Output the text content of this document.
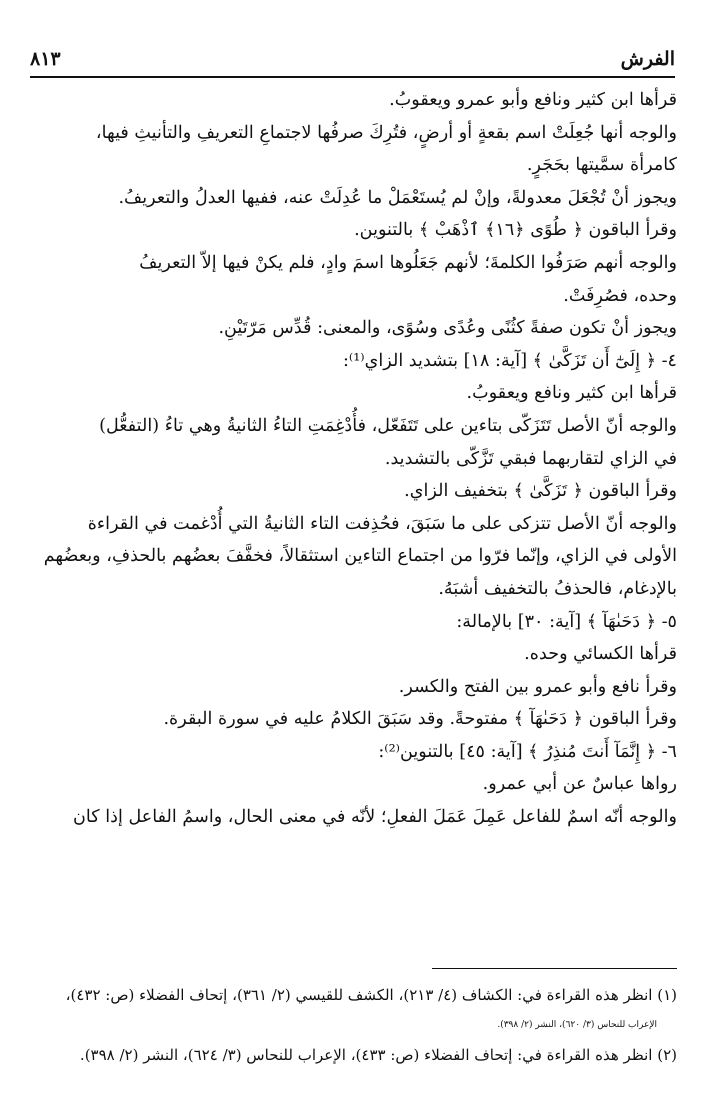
الفرش
٨١٣

قرأها ابن كثير ونافع وأبو عمرو ويعقوبُ.

والوجه أنها جُعِلَتْ اسم بقعةٍ أو أرضٍ، فتُرِكَ صرفُها لاجتماعِ التعريفِ والتأنيثِ فيها،

كامرأة سمَّيتها بحَجَرٍ.

ويجوز أنْ تُجْعَلَ معدولةً، وإنْ لم يُستَعْمَلْ ما عُدِلَتْ عنه، ففيها العدلُ والتعريفُ.

وقرأ الباقون ﴿ طُوًى ﴿١٦﴾ ٱذْهَبْ ﴾ بالتنوين.

والوجه أنهم صَرَفُوا الكلمةَ؛ لأنهم جَعَلُوها اسمَ وادٍ، فلم يكنْ فيها إلاّ التعريفُ

وحده، فصُرِفَتْ.

ويجوز أنْ تكون صفةً كثُنًى وعُدًى وسُوًى، والمعنى: قُدِّس مَرّتَيْنِ.

٤- ﴿ إِلَىٰٓ أَن تَزَكَّىٰ ﴾ [آية: ١٨] بتشديد الزاي⁽¹⁾:

قرأها ابن كثير ونافع ويعقوبُ.

والوجه أنّ الأصل تَتَزَكّى بتاءين على تَتَفَعّل، فأُدْغِمَتِ التاءُ الثانيةُ وهي تاءُ (التفعُّل)

في الزاي لتقاربهما فبقي تَزَّكّى بالتشديد.

وقرأ الباقون ﴿ تَزَكَّىٰ ﴾ بتخفيف الزاي.

والوجه أنّ الأصل تتزكى على ما سَبَقَ، فحُذِفت التاء الثانيةُ التي أُدْغمت في القراءة

الأولى في الزاي، وإنّما فرّوا من اجتماع التاءين استثقالاً، فخفَّفَ بعضُهم بالحذفِ، وبعضُهم

بالإدغام، فالحذفُ بالتخفيف أشبَهُ.

٥- ﴿ دَحَىٰهَآ ﴾ [آية: ٣٠] بالإمالة:

قرأها الكسائي وحده.

وقرأ نافع وأبو عمرو بين الفتح والكسر.

وقرأ الباقون ﴿ دَحَىٰهَآ ﴾ مفتوحةً. وقد سَبَقَ الكلامُ عليه في سورة البقرة.

٦- ﴿ إِنَّمَآ أَنتَ مُنذِرُ ﴾ [آية: ٤٥] بالتنوين⁽²⁾:

رواها عباسٌ عن أبي عمرو.

والوجه أنّه اسمٌ للفاعل عَمِلَ عَمَلَ الفعلِ؛ لأنّه في معنى الحال، واسمُ الفاعل إذا كان

(١) انظر هذه القراءة في: الكشاف (٤/ ٢١٣)، الكشف للقيسي (٢/ ٣٦١)، إتحاف الفضلاء (ص: ٤٣٢)،

الإعراب للنحاس (٣/ ٦٢٠)، النشر (٢/ ٣٩٨).

(٢) انظر هذه القراءة في: إتحاف الفضلاء (ص: ٤٣٣)، الإعراب للنحاس (٣/ ٦٢٤)، النشر (٢/ ٣٩٨).
